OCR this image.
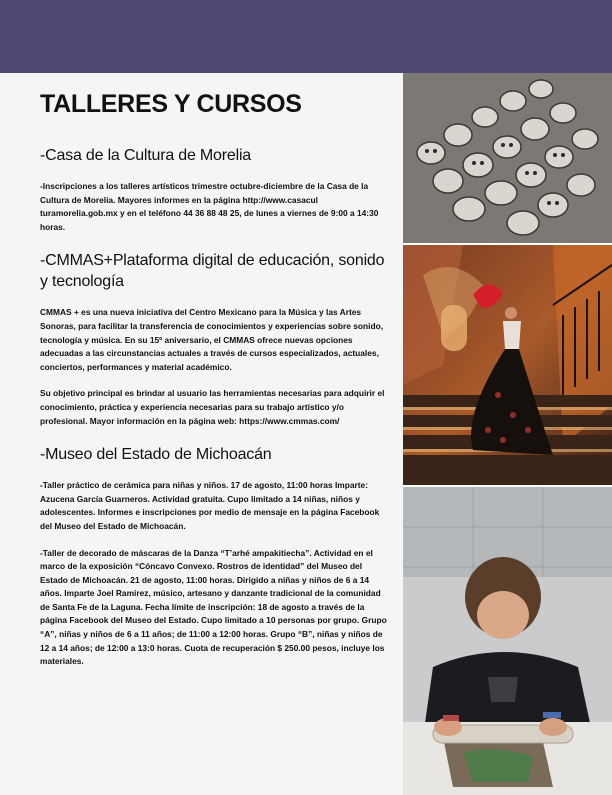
TALLERES Y CURSOS
-Casa de la Cultura de Morelia

-Inscripciones a los talleres artísticos trimestre octubre-diciembre de la Casa de la Cultura de Morelia. Mayores informes en la página http://www.casacul turamorelia.gob.mx y en el teléfono 44 36 88 48 25, de lunes a viernes de 9:00 a 14:30 horas.

-CMMAS+Plataforma digital de educación, sonido y tecnología

CMMAS + es una nueva iniciativa del Centro Mexicano para la Música y las Artes Sonoras, para facilitar la transferencia de conocimientos y experiencias sobre sonido, tecnología y música. En su 15º aniversario, el CMMAS ofrece nuevas opciones adecuadas a las circunstancias actuales a través de cursos especializados, actuales, conciertos, performances y material académico.

Su objetivo principal es brindar al usuario las herramientas necesarias para adquirir el conocimiento, práctica y experiencia necesarias para su trabajo artístico y/o profesional. Mayor información en la página web: https://www.cmmas.com/

-Museo del Estado de Michoacán

-Taller práctico de cerámica para niñas y niños. 17 de agosto, 11:00 horas Imparte: Azucena García Guarneros. Actividad gratuita. Cupo limitado a 14 niñas, niños y adolescentes. Informes e inscripciones por medio de mensaje en la página Facebook del Museo del Estado de Michoacán.

-Taller de decorado de máscaras de la Danza “T’arhé ampakitiecha”. Actividad en el marco de la exposición “Cóncavo Convexo. Rostros de identidad” del Museo del Estado de Michoacán. 21 de agosto, 11:00 horas. Dirigido a niñas y niños de 6 a 14 años. Imparte Joel Ramírez, músico, artesano y danzante tradicional de la comunidad de Santa Fe de la Laguna. Fecha límite de inscripción: 18 de agosto a través de la página Facebook del Museo del Estado. Cupo limitado a 10 personas por grupo. Grupo “A”, niñas y niños de 6 a 11 años; de 11:00 a 12:00 horas. Grupo “B”, niñas y niños de 12 a 14 años; de 12:00 a 13:0 horas. Cuota de recuperación $ 250.00 pesos, incluye los materiales.
